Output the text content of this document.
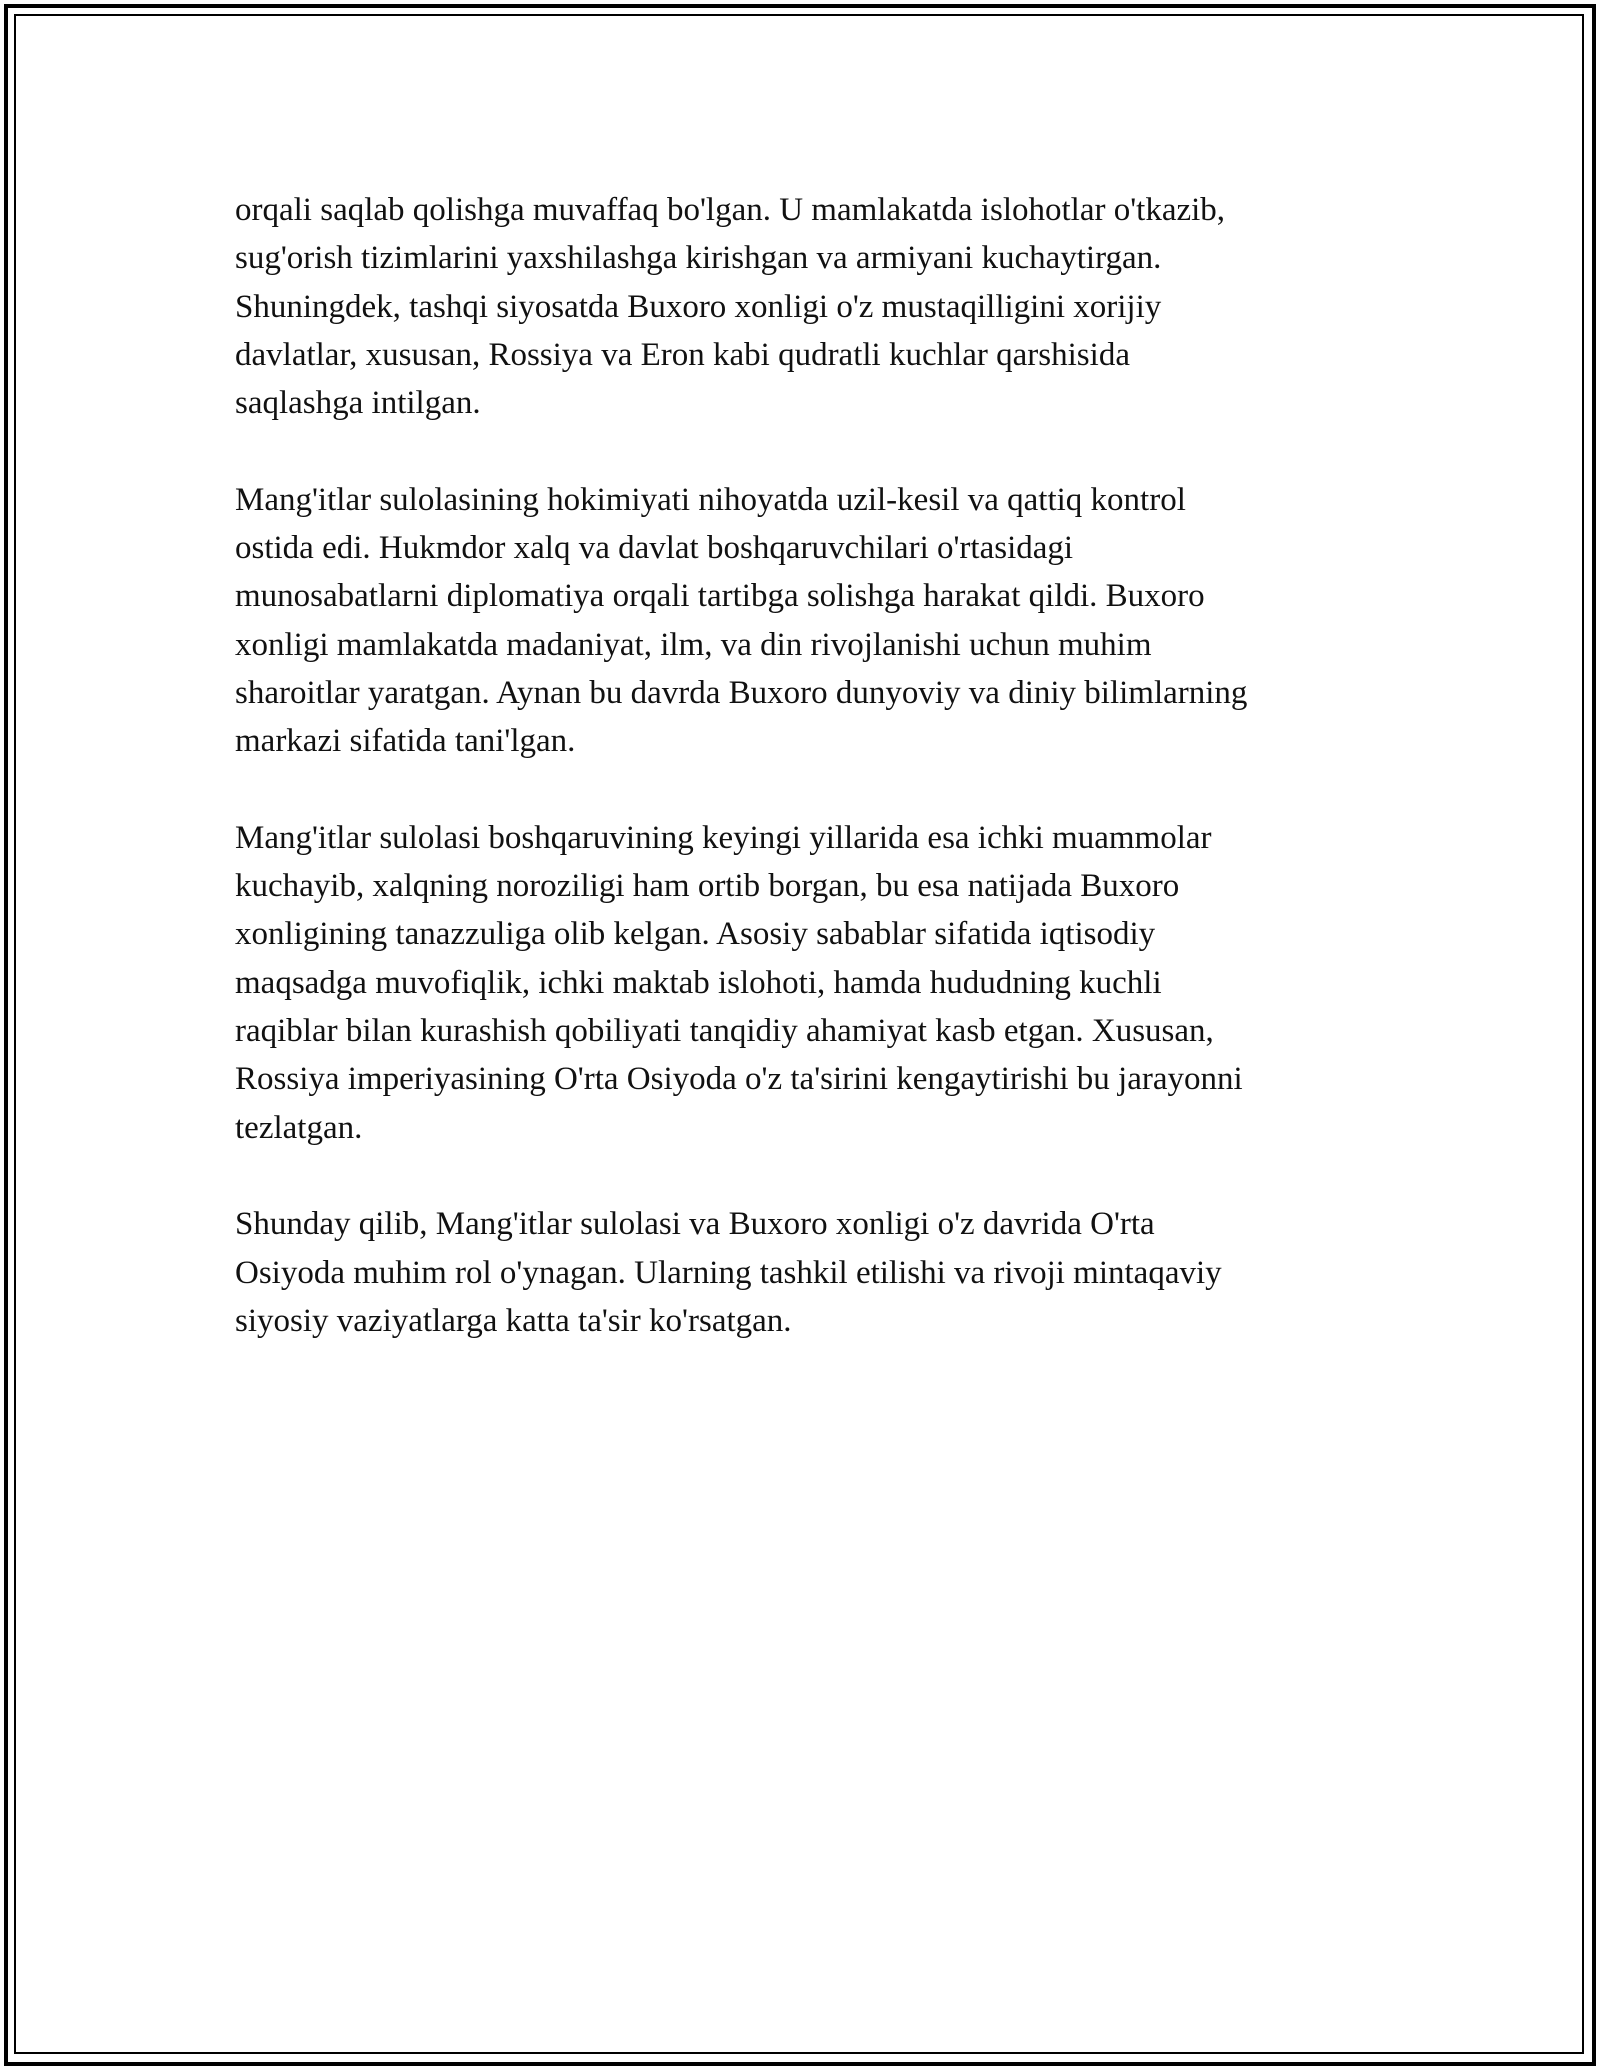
orqali saqlab qolishga muvaffaq bo'lgan. U mamlakatda islohotlar o'tkazib,
sug'orish tizimlarini yaxshilashga kirishgan va armiyani kuchaytirgan.
Shuningdek, tashqi siyosatda Buxoro xonligi o'z mustaqilligini xorijiy
davlatlar, xususan, Rossiya va Eron kabi qudratli kuchlar qarshisida
saqlashga intilgan.

Mang'itlar sulolasining hokimiyati nihoyatda uzil-kesil va qattiq kontrol
ostida edi. Hukmdor xalq va davlat boshqaruvchilari o'rtasidagi
munosabatlarni diplomatiya orqali tartibga solishga harakat qildi. Buxoro
xonligi mamlakatda madaniyat, ilm, va din rivojlanishi uchun muhim
sharoitlar yaratgan. Aynan bu davrda Buxoro dunyoviy va diniy bilimlarning
markazi sifatida tani'lgan.

Mang'itlar sulolasi boshqaruvining keyingi yillarida esa ichki muammolar
kuchayib, xalqning noroziligi ham ortib borgan, bu esa natijada Buxoro
xonligining tanazzuliga olib kelgan. Asosiy sabablar sifatida iqtisodiy
maqsadga muvofiqlik, ichki maktab islohoti, hamda hududning kuchli
raqiblar bilan kurashish qobiliyati tanqidiy ahamiyat kasb etgan. Xususan,
Rossiya imperiyasining O'rta Osiyoda o'z ta'sirini kengaytirishi bu jarayonni
tezlatgan.

Shunday qilib, Mang'itlar sulolasi va Buxoro xonligi o'z davrida O'rta
Osiyoda muhim rol o'ynagan. Ularning tashkil etilishi va rivoji mintaqaviy
siyosiy vaziyatlarga katta ta'sir ko'rsatgan.
